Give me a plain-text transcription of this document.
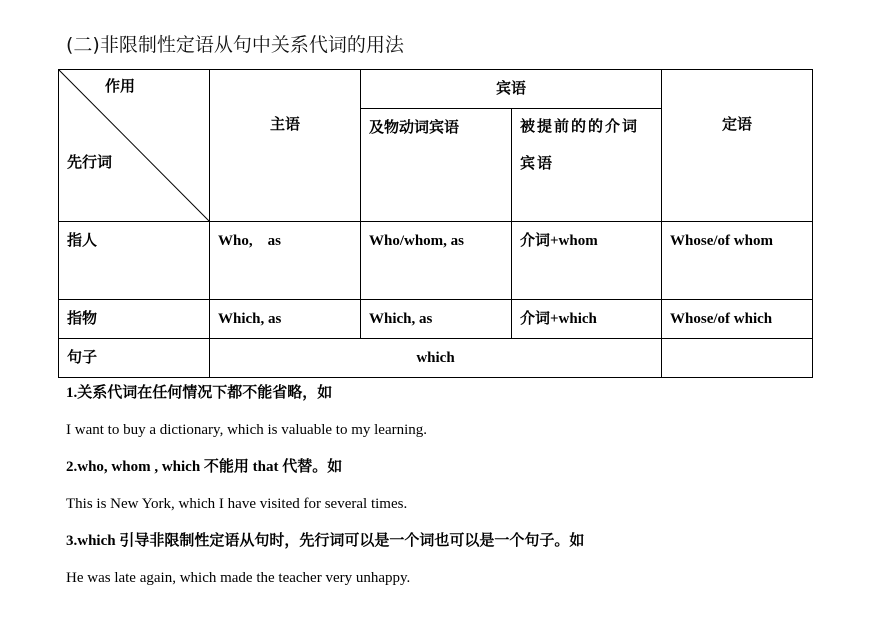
(二)非限制性定语从句中关系代词的用法
作用
先行词	主语	宾语		定语
		及物动词宾语	被提前的的介词宾语	
指人	Who,　as	Who/whom, as	介词+whom	Whose/of whom
指物	Which, as	Which, as	介词+which	Whose/of which
句子	which			

1.关系代词在任何情况下都不能省略，如

I want to buy a dictionary, which is valuable to my learning.

2.who, whom , which 不能用 that 代替。如

This is New York, which I have visited for several times.

3.which 引导非限制性定语从句时，先行词可以是一个词也可以是一个句子。如

He was late again, which made the teacher very unhappy.
